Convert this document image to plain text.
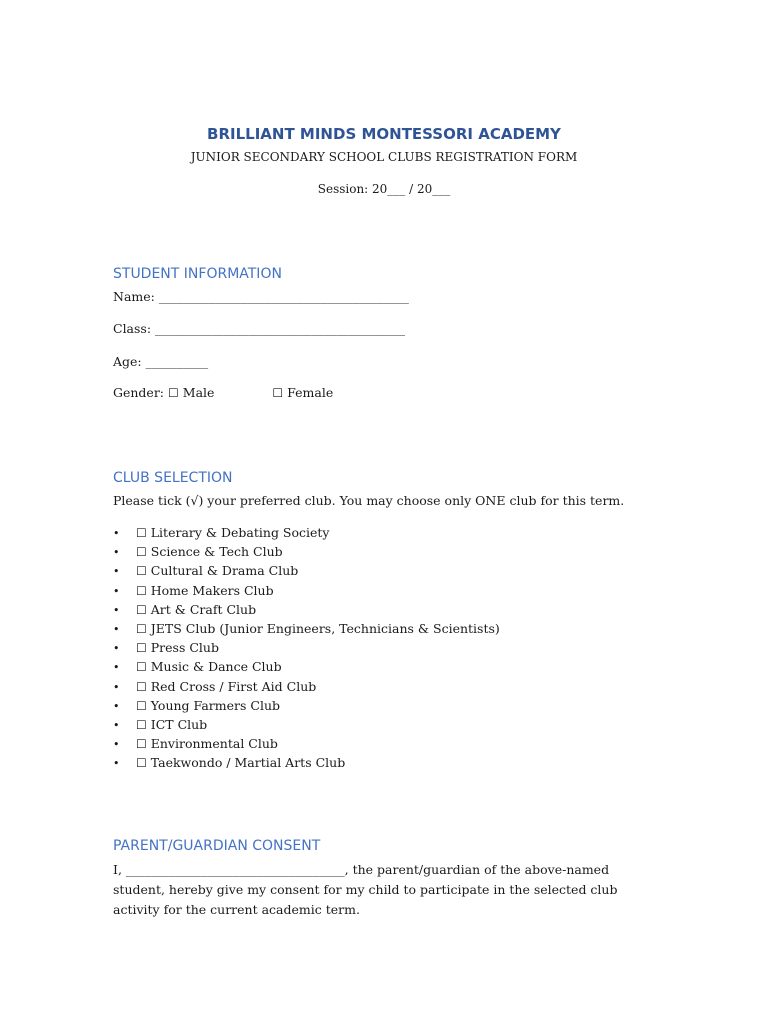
BRILLIANT MINDS MONTESSORI ACADEMY
JUNIOR SECONDARY SCHOOL CLUBS REGISTRATION FORM
Session: 20___ / 20___
STUDENT INFORMATION
Name: ________________________________________
Class: ________________________________________
Age: __________
Gender: ☐ Male	☐ Female
CLUB SELECTION
Please tick (√) your preferred club. You may choose only ONE club for this term.
• ☐ Literary & Debating Society
• ☐ Science & Tech Club
• ☐ Cultural & Drama Club
• ☐ Home Makers Club
• ☐ Art & Craft Club
• ☐ JETS Club (Junior Engineers, Technicians & Scientists)
• ☐ Press Club
• ☐ Music & Dance Club
• ☐ Red Cross / First Aid Club
• ☐ Young Farmers Club
• ☐ ICT Club
• ☐ Environmental Club
• ☐ Taekwondo / Martial Arts Club
PARENT/GUARDIAN CONSENT
I, ___________________________________, the parent/guardian of the above-named student, hereby give my consent for my child to participate in the selected club activity for the current academic term.
